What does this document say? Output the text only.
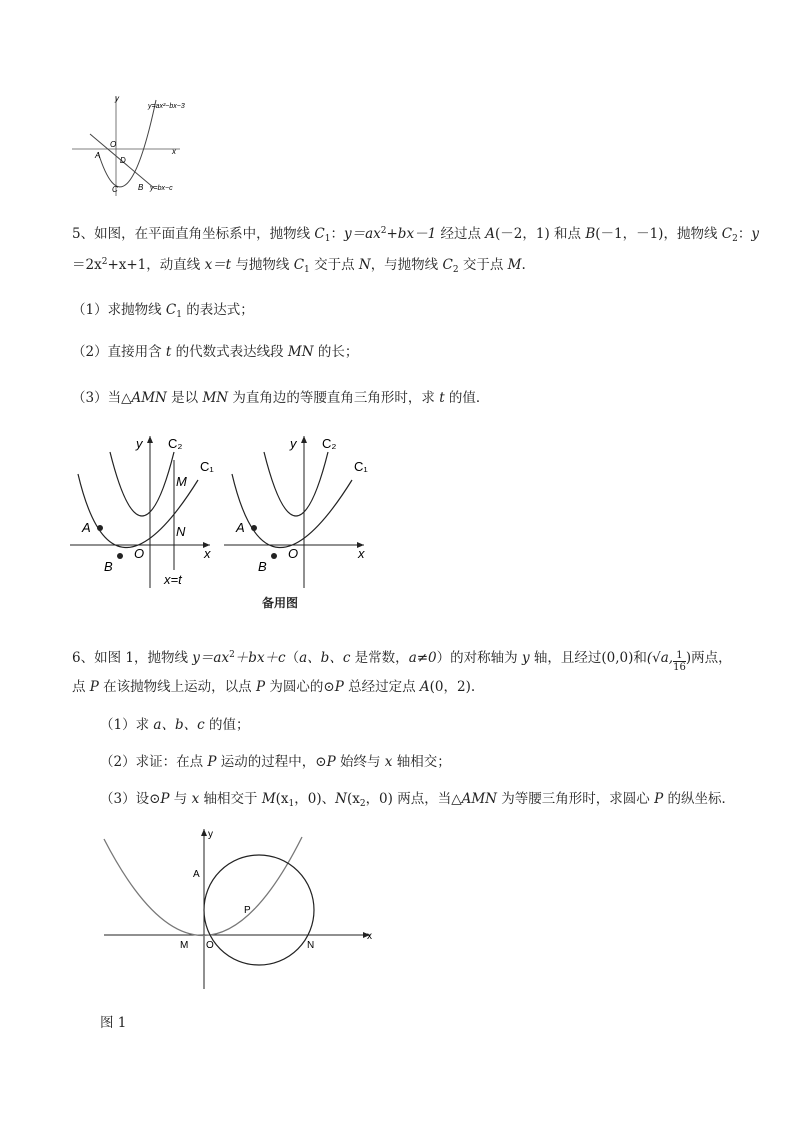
y
x
O
A
D
C	B
y=ax²−bx−3
y=bx−c
5、如图，在平面直角坐标系中，抛物线 $C_1$：$y=ax^2+bx-1$ 经过点 A(－2，1) 和点 B(－1，－1)，抛物线 $C_2$：y
$=2x^2+x+1$，动直线 x＝t 与抛物线 $C_1$ 交于点 N，与抛物线 $C_2$ 交于点 M.
（1）求抛物线 $C_1$ 的表达式；
（2）直接用含 t 的代数式表达线段 MN 的长；
（3）当△AMN 是以 MN 为直角边的等腰直角三角形时，求 t 的值．
y
x
O
A
B
C₂
C₁
M
N
x=t
y
x
O
A
B
C₂
C₁
备用图
6、如图 1，抛物线 $y=ax^2+bx+c(a$、b、c 是常数，a≠0）的对称轴为 y 轴，且经过(0,0)和(√a, $\frac{1}{16}$ )两点，
点 P 在该抛物线上运动，以点 P 为圆心的⊙P 总经过定点 A(0，2).
（1）求 a、b、c 的值；
（2）求证：在点 P 运动的过程中，⊙P 始终与 x 轴相交；
（3）设⊙P 与 x 轴相交于 $M(x_1$，0)、$N(x_2$，0) 两点，当△AMN 为等腰三角形时，求圆心 P 的纵坐标．
x
y
A
P
M O	N
图 1
